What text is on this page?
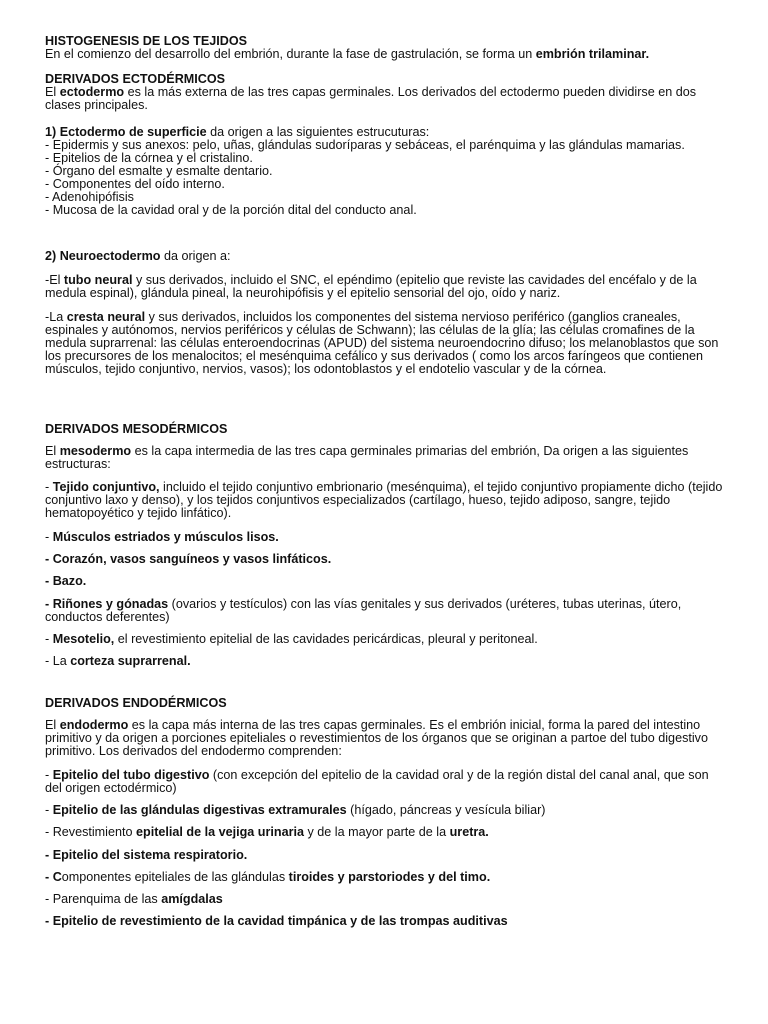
HISTOGENESIS DE LOS TEJIDOS
En el comienzo del desarrollo del embrión, durante la fase de gastrulación, se forma un embrión trilaminar.
DERIVADOS ECTODÉRMICOS
El ectodermo es la más externa de las tres capas germinales. Los derivados del ectodermo pueden dividirse en dos clases principales.
1) Ectodermo de superficie da origen a las siguientes estrucuturas:
- Epidermis y sus anexos: pelo, uñas, glándulas sudoríparas y sebáceas, el parénquima y las glándulas mamarias.
- Epitelios de la córnea y el cristalino.
- Órgano del esmalte y esmalte dentario.
- Componentes del oído interno.
- Adenohipófisis
- Mucosa de la cavidad oral y de la porción dital del conducto anal.
2) Neuroectodermo da origen a:
-El tubo neural y sus derivados, incluido el SNC, el epéndimo (epitelio que reviste las cavidades del encéfalo y de la medula espinal), glándula pineal, la neurohipófisis y el epitelio sensorial del ojo, oído y nariz.
-La cresta neural y sus derivados, incluidos los componentes del sistema nervioso periférico (ganglios craneales, espinales y autónomos, nervios periféricos y células de Schwann); las células de la glía; las células cromafines de la medula suprarrenal: las células enteroendocrinas (APUD) del sistema neuroendocrino difuso; los melanoblastos que son los precursores de los menalocitos; el mesénquima cefálico y sus derivados ( como los arcos faríngeos que contienen músculos, tejido conjuntivo, nervios, vasos); los odontoblastos y el endotelio vascular y de la córnea.
DERIVADOS MESODÉRMICOS
El mesodermo es la capa intermedia de las tres capa germinales primarias del embrión, Da origen a las siguientes estructuras:
- Tejido conjuntivo, incluido el tejido conjuntivo embrionario (mesénquima), el tejido conjuntivo propiamente dicho (tejido conjuntivo laxo y denso), y los tejidos conjuntivos especializados (cartílago, hueso, tejido adiposo, sangre, tejido hematopoyético y tejido linfático).
- Músculos estriados y músculos lisos.
- Corazón, vasos sanguíneos y vasos linfáticos.
- Bazo.
- Riñones y gónadas (ovarios y testículos) con las vías genitales y sus derivados (uréteres, tubas uterinas, útero, conductos deferentes)
- Mesotelio, el revestimiento epitelial de las cavidades pericárdicas, pleural y peritoneal.
- La corteza suprarrenal.
DERIVADOS ENDODÉRMICOS
El endodermo es la capa más interna de las tres capas germinales. Es el embrión inicial, forma la pared del intestino primitivo y da origen a porciones epiteliales o revestimientos de los órganos que se originan a partoe del tubo digestivo primitivo. Los derivados del endodermo comprenden:
- Epitelio del tubo digestivo (con excepción del epitelio de la cavidad oral y de la región distal del canal anal, que son del origen ectodérmico)
- Epitelio de las glándulas digestivas extramurales (hígado, páncreas y vesícula biliar)
- Revestimiento epitelial de la vejiga urinaria y de la mayor parte de la uretra.
- Epitelio del sistema respiratorio.
- Componentes epiteliales de las glándulas tiroides y parstoriodes y del timo.
- Parenquima de las amígdalas
- Epitelio de revestimiento de la cavidad timpánica y de las trompas auditivas
